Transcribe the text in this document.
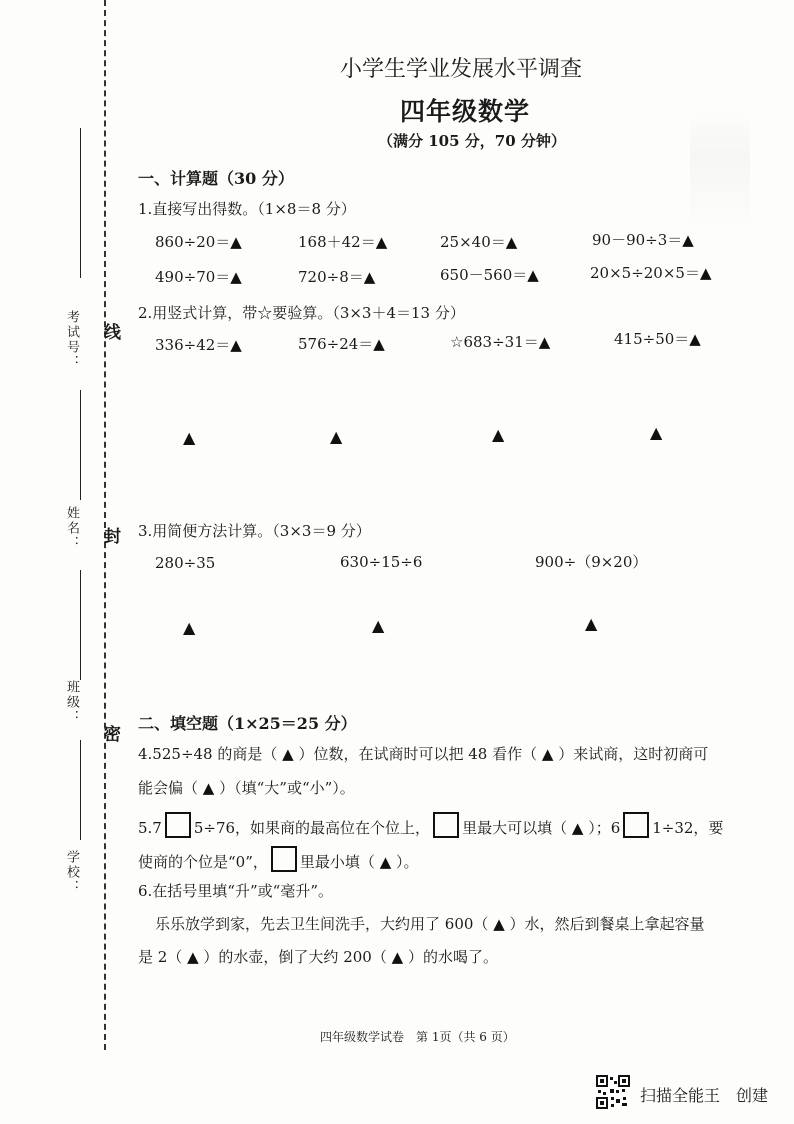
考试号：
姓名：
班级：
学校：
线
封
密
小学生学业发展水平调查
四年级数学
（满分 105 分，70 分钟）
一、计算题（30 分）
1.直接写出得数。（1×8＝8 分）
860÷20＝▲	168＋42＝▲	25×40＝▲	90－90÷3＝▲
490÷70＝▲	720÷8＝▲	650－560＝▲	20×5÷20×5＝▲
2.用竖式计算，带☆要验算。（3×3＋4＝13 分）
336÷42＝▲	576÷24＝▲	☆683÷31＝▲	415÷50＝▲
▲	▲	▲	▲
3.用简便方法计算。（3×3＝9 分）
280÷35	630÷15÷6	900÷（9×20）
▲	▲	▲
二、填空题（1×25＝25 分）
4.525÷48 的商是（ ▲ ）位数，在试商时可以把 48 看作（ ▲ ）来试商，这时初商可
能会偏（ ▲ ）（填“大”或“小”）。
5.7 5÷76，如果商的最高位在个位上， 里最大可以填（ ▲ ）；6 1÷32，要
使商的个位是“0”， 里最小填（ ▲ ）。
6.在括号里填“升”或“毫升”。
乐乐放学到家，先去卫生间洗手，大约用了 600（ ▲ ）水，然后到餐桌上拿起容量
是 2（ ▲ ）的水壶，倒了大约 200（ ▲ ）的水喝了。
四年级数学试卷　第 1页（共 6 页）
扫描全能王　创建
